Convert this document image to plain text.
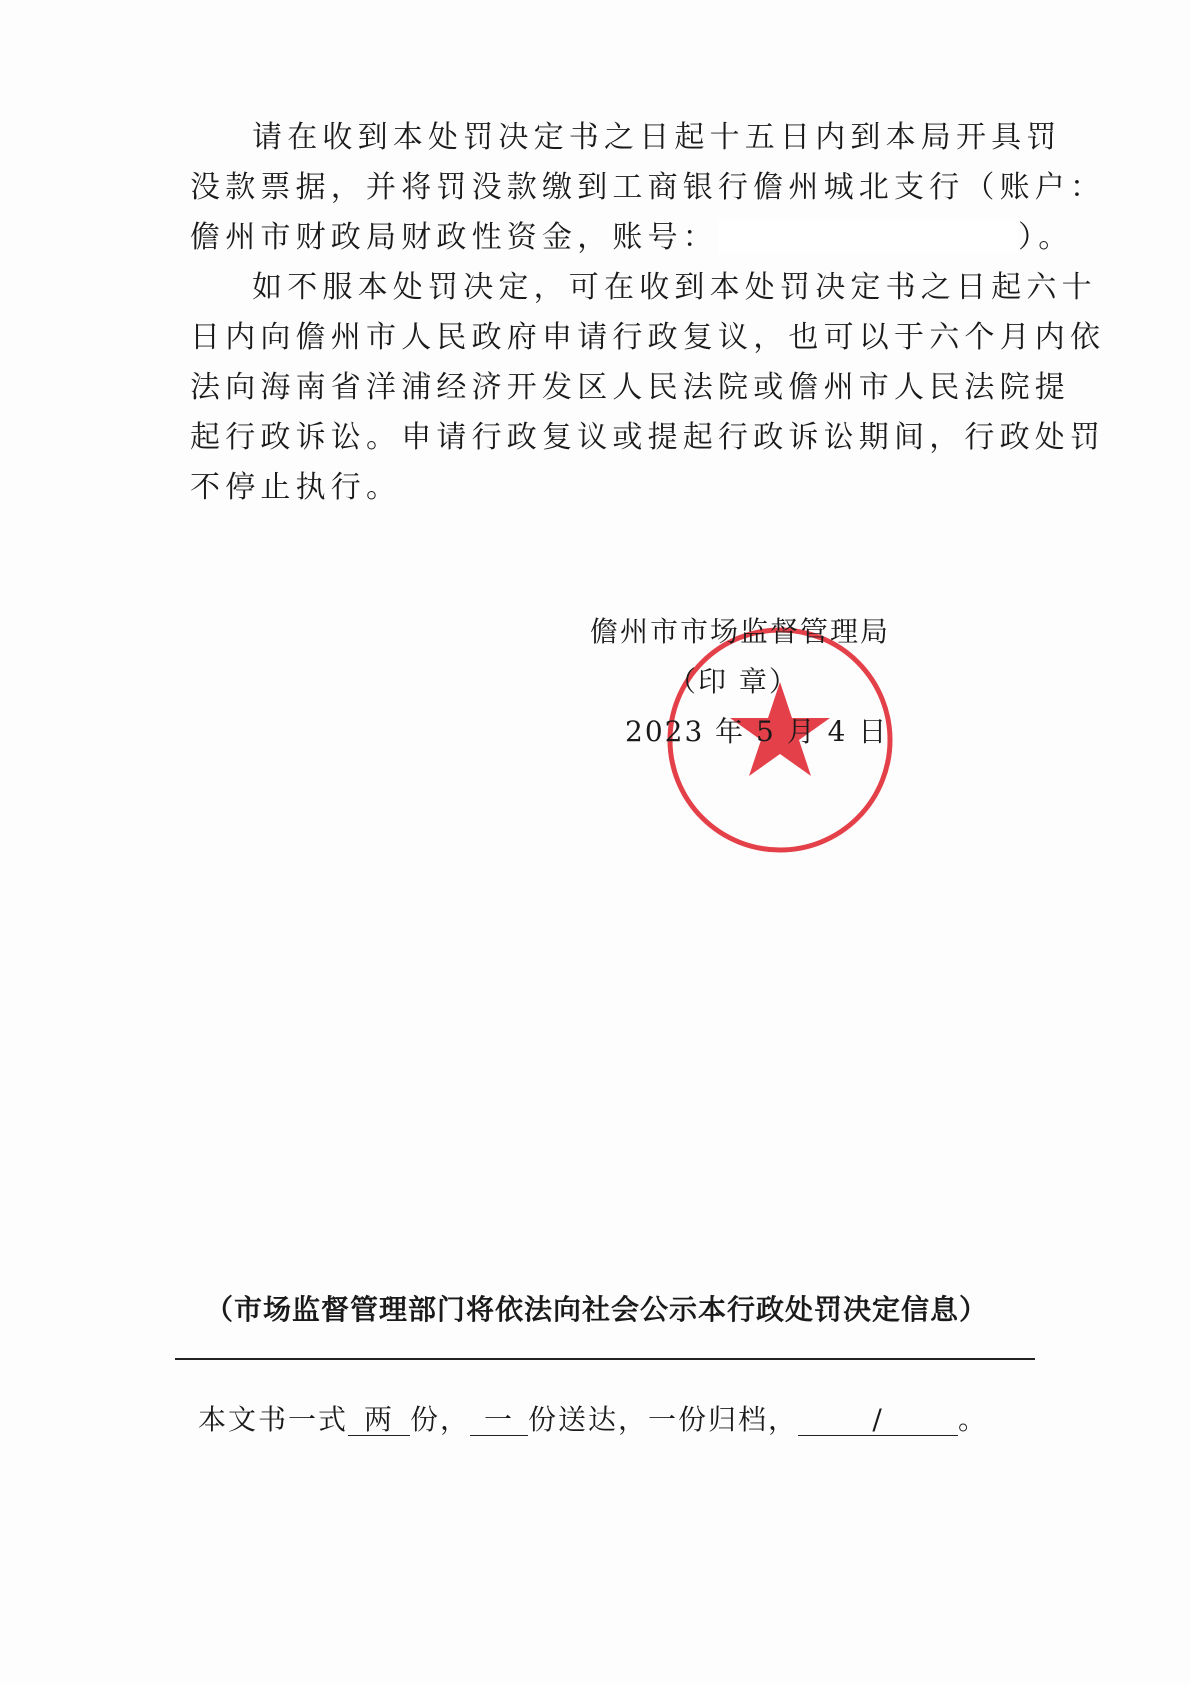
请在收到本处罚决定书之日起十五日内到本局开具罚
没款票据，并将罚没款缴到工商银行儋州城北支行（账户：
儋州市财政局财政性资金，账号：	）。
如不服本处罚决定，可在收到本处罚决定书之日起六十
日内向儋州市人民政府申请行政复议，也可以于六个月内依
法向海南省洋浦经济开发区人民法院或儋州市人民法院提
起行政诉讼。申请行政复议或提起行政诉讼期间，行政处罚
不停止执行。
儋州市市场监督管理局
（印 章）
2023 年 5 月 4 日
（市场监督管理部门将依法向社会公示本行政处罚决定信息）
本文书一式 两 份， 一 份送达，一份归档，	/	。
